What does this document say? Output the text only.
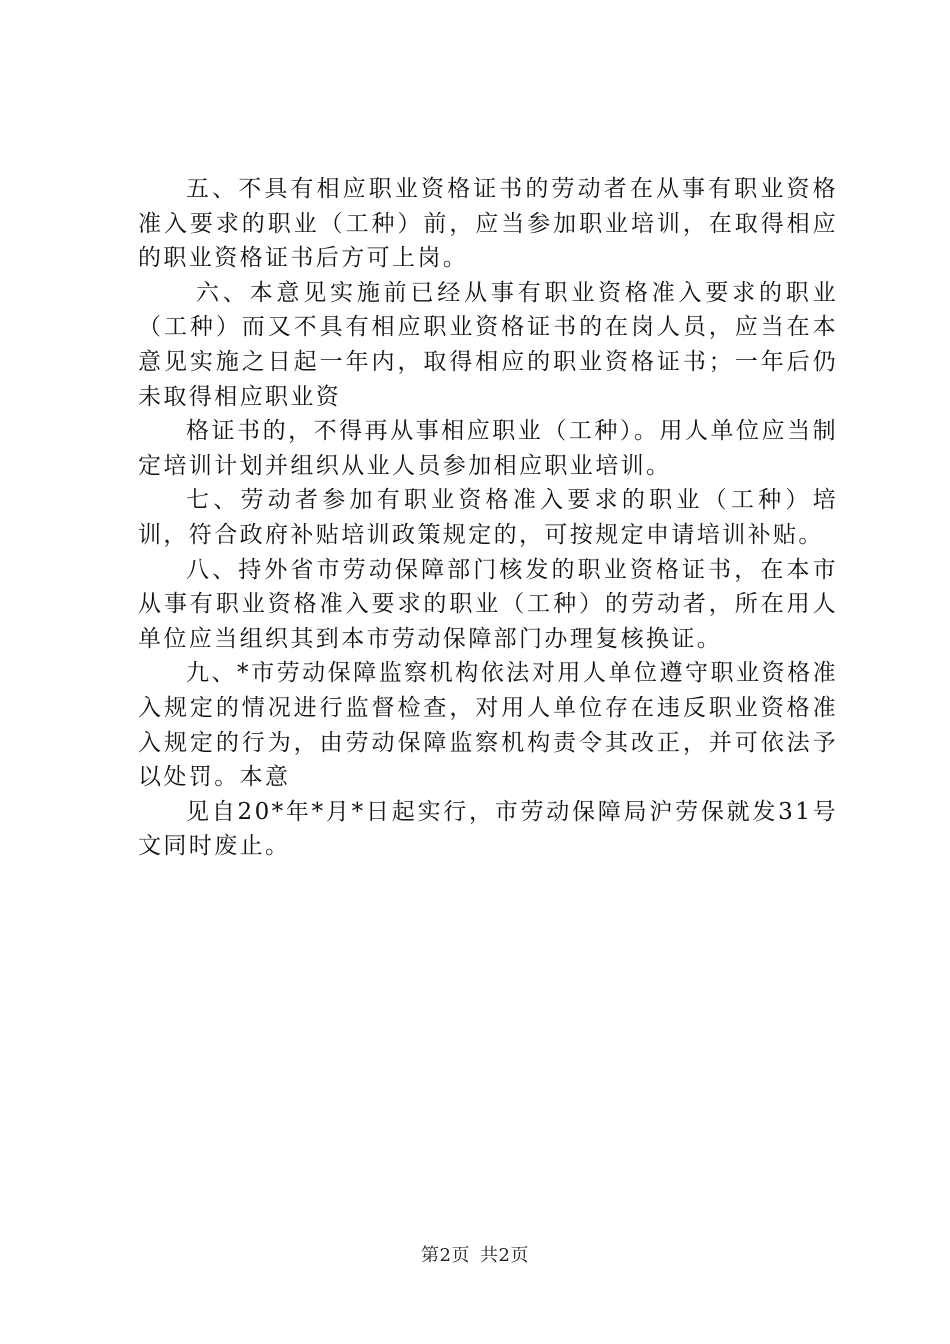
五、不具有相应职业资格证书的劳动者在从事有职业资格准入要求的职业（工种）前，应当参加职业培训，在取得相应的职业资格证书后方可上岗。

六、本意见实施前已经从事有职业资格准入要求的职业（工种）而又不具有相应职业资格证书的在岗人员，应当在本意见实施之日起一年内，取得相应的职业资格证书；一年后仍未取得相应职业资

格证书的，不得再从事相应职业（工种）。用人单位应当制定培训计划并组织从业人员参加相应职业培训。

七、劳动者参加有职业资格准入要求的职业（工种）培训，符合政府补贴培训政策规定的，可按规定申请培训补贴。

八、持外省市劳动保障部门核发的职业资格证书，在本市从事有职业资格准入要求的职业（工种）的劳动者，所在用人单位应当组织其到本市劳动保障部门办理复核换证。

九、*市劳动保障监察机构依法对用人单位遵守职业资格准入规定的情况进行监督检查，对用人单位存在违反职业资格准入规定的行为，由劳动保障监察机构责令其改正，并可依法予以处罚。本意

见自20*年*月*日起实行，市劳动保障局沪劳保就发31号文同时废止。

第2页 共2页
